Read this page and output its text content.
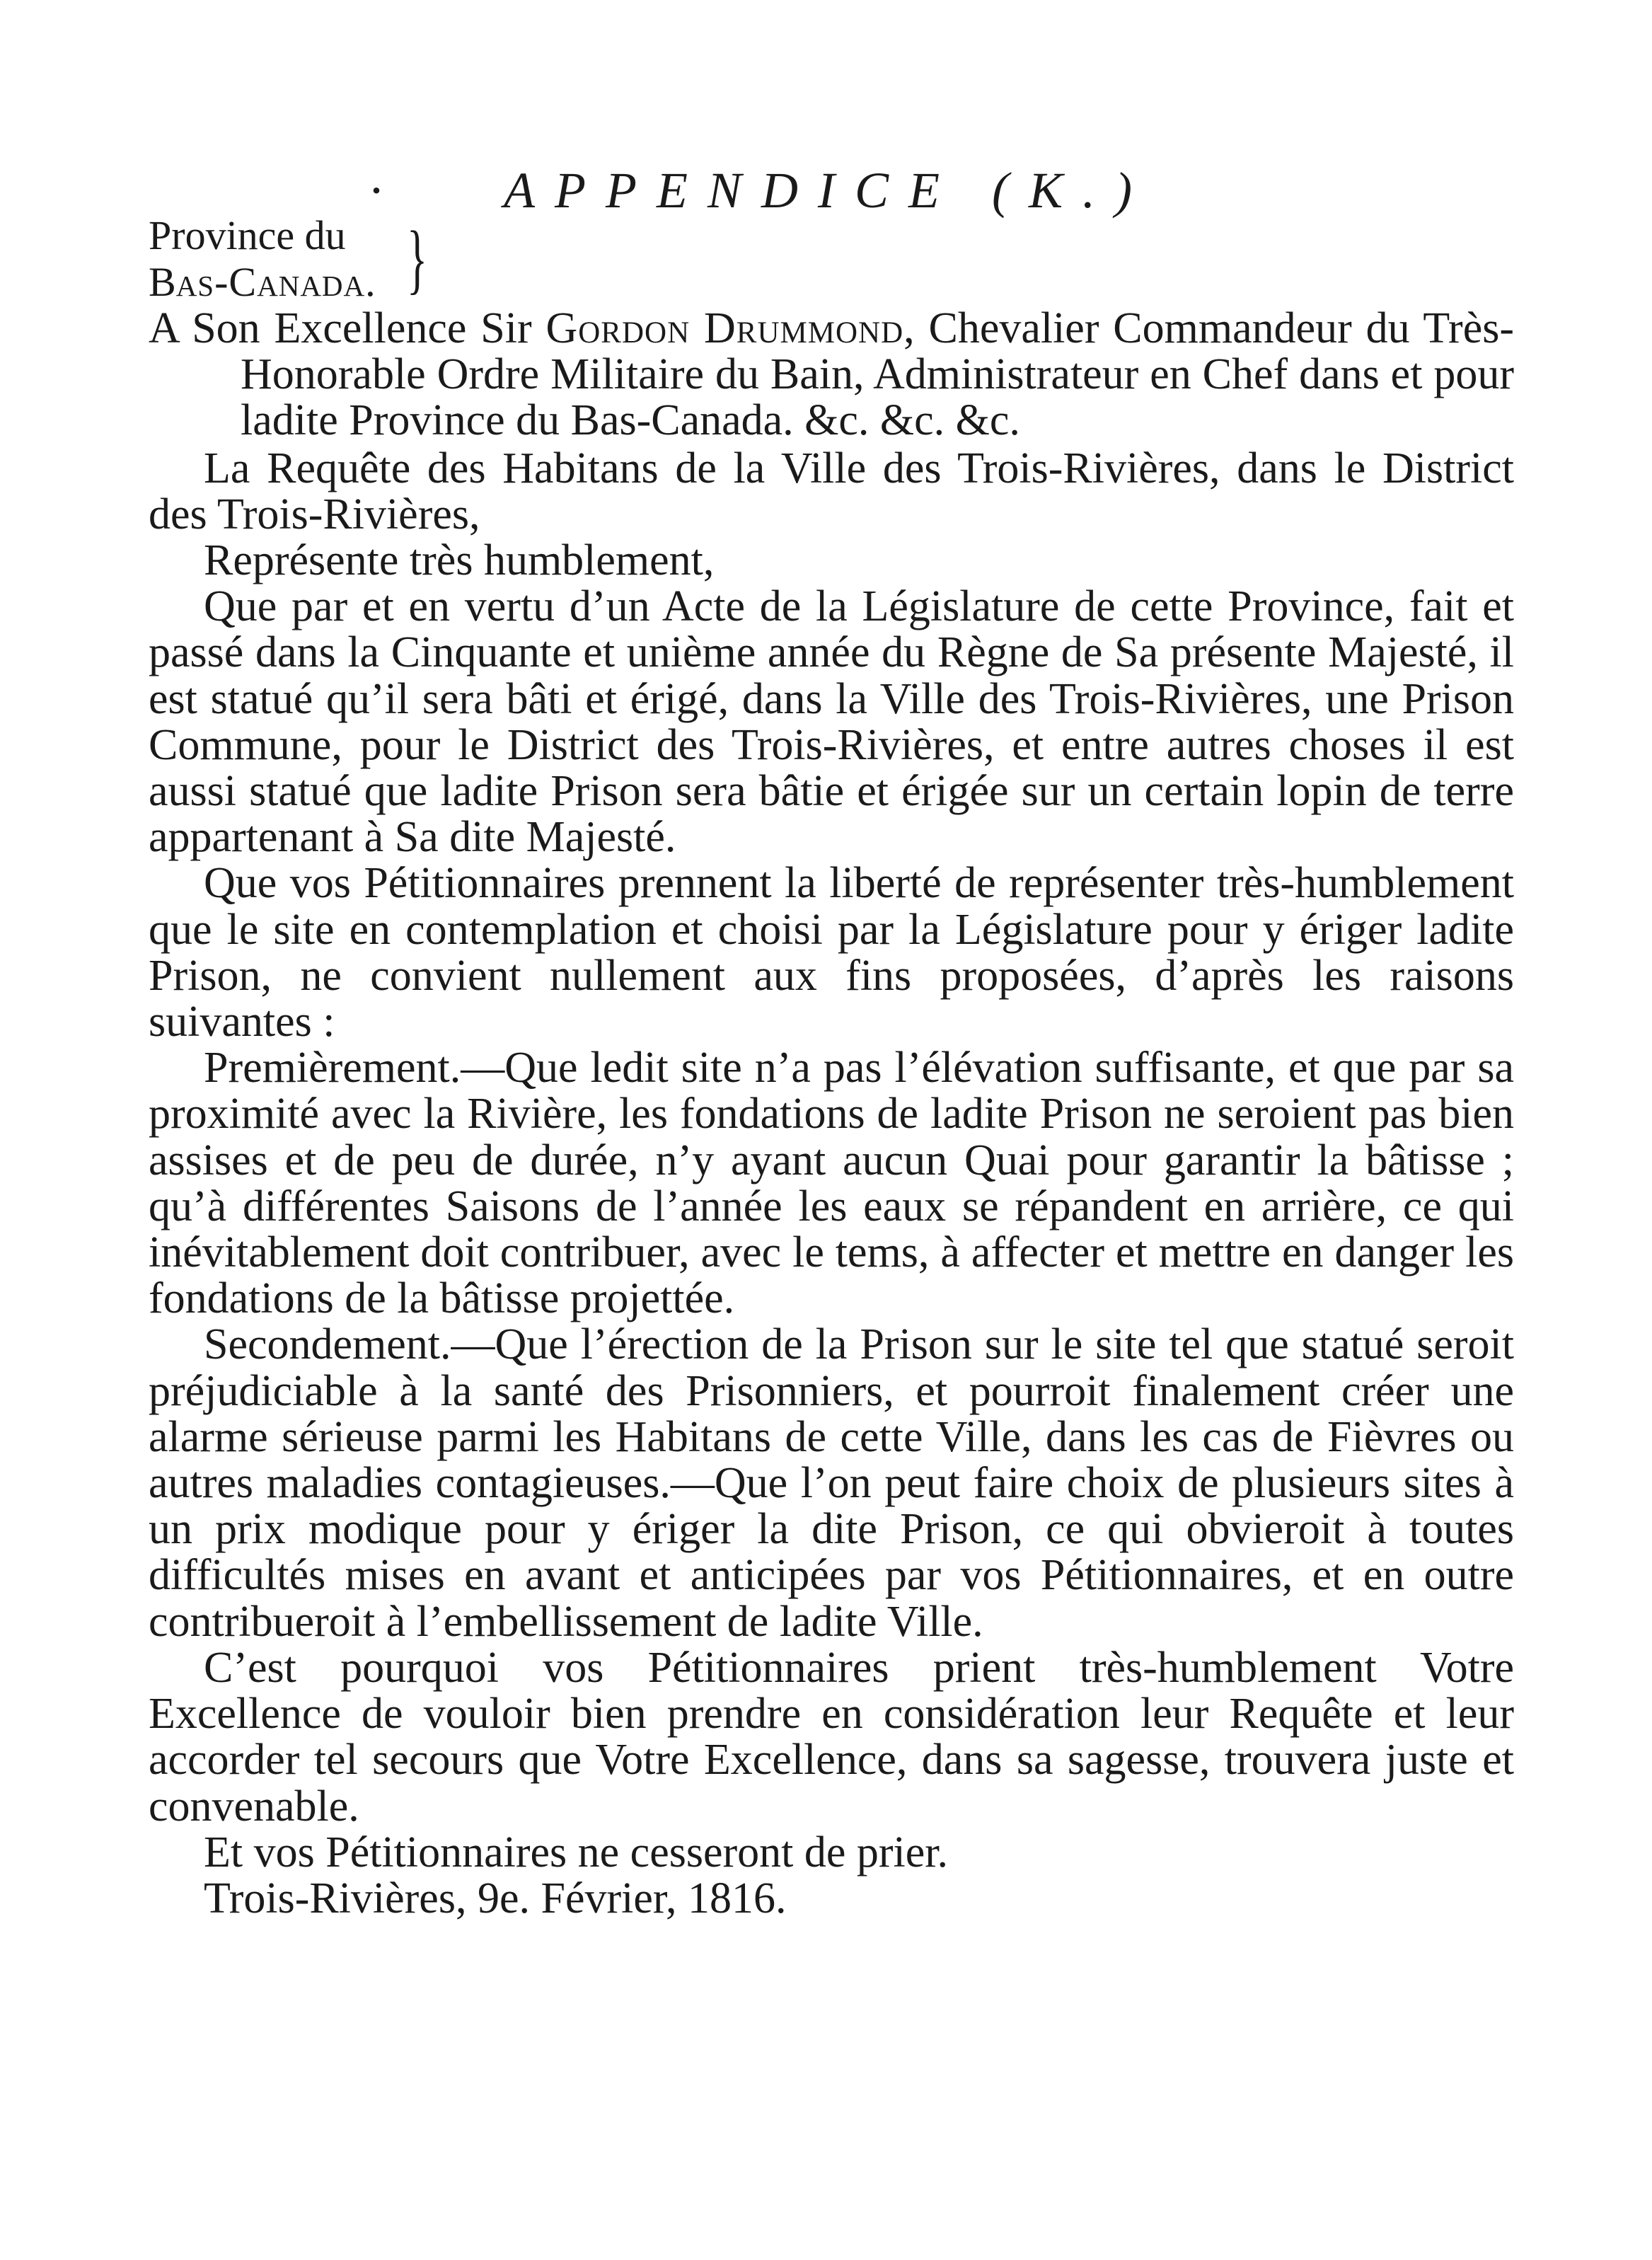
· APPENDICE (K.)
Province du
Bas-Canada. }

A Son Excellence Sir Gordon Drummond, Chevalier Commandeur du Très-Honorable Ordre Militaire du Bain, Administrateur en Chef dans et pour ladite Province du Bas-Canada. &c. &c. &c.

La Requête des Habitans de la Ville des Trois-Rivières, dans le District des Trois-Rivières,

Représente très humblement,

Que par et en vertu d’un Acte de la Législature de cette Province, fait et passé dans la Cinquante et unième année du Règne de Sa présente Majesté, il est statué qu’il sera bâti et érigé, dans la Ville des Trois-Rivières, une Prison Commune, pour le District des Trois-Rivières, et entre autres choses il est aussi statué que ladite Prison sera bâtie et érigée sur un certain lopin de terre appartenant à Sa dite Majesté.

Que vos Pétitionnaires prennent la liberté de représenter très-humblement que le site en contemplation et choisi par la Législature pour y ériger ladite Prison, ne convient nullement aux fins proposées, d’après les raisons suivantes :

Premièrement.—Que ledit site n’a pas l’élévation suffisante, et que par sa proximité avec la Rivière, les fondations de ladite Prison ne seroient pas bien assises et de peu de durée, n’y ayant aucun Quai pour garantir la bâtisse ; qu’à différentes Saisons de l’année les eaux se répandent en arrière, ce qui inévitablement doit contribuer, avec le tems, à affecter et mettre en danger les fondations de la bâtisse projettée.

Secondement.—Que l’érection de la Prison sur le site tel que statué seroit préjudiciable à la santé des Prisonniers, et pourroit finalement créer une alarme sérieuse parmi les Habitans de cette Ville, dans les cas de Fièvres ou autres maladies contagieuses.—Que l’on peut faire choix de plusieurs sites à un prix modique pour y ériger la dite Prison, ce qui obvieroit à toutes difficultés mises en avant et anticipées par vos Pétitionnaires, et en outre contribueroit à l’embellissement de ladite Ville.

C’est pourquoi vos Pétitionnaires prient très-humblement Votre Excellence de vouloir bien prendre en considération leur Requête et leur accorder tel secours que Votre Excellence, dans sa sagesse, trouvera juste et convenable.

Et vos Pétitionnaires ne cesseront de prier.

Trois-Rivières, 9e. Février, 1816.
